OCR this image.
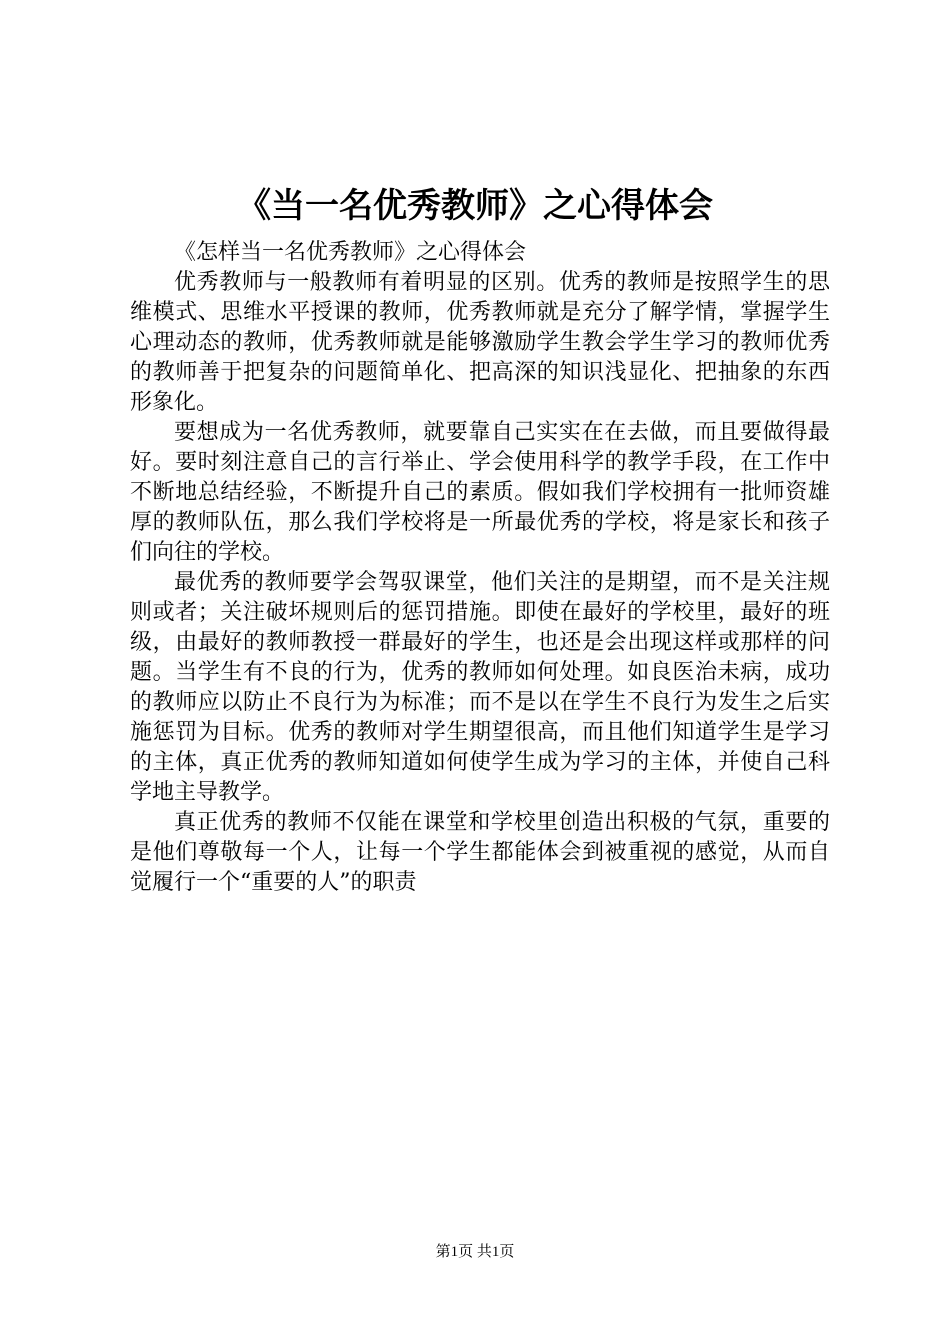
《当一名优秀教师》之心得体会

《怎样当一名优秀教师》之心得体会

优秀教师与一般教师有着明显的区别。优秀的教师是按照学生的思维模式、思维水平授课的教师，优秀教师就是充分了解学情，掌握学生心理动态的教师，优秀教师就是能够激励学生教会学生学习的教师优秀的教师善于把复杂的问题简单化、把高深的知识浅显化、把抽象的东西形象化。

要想成为一名优秀教师，就要靠自己实实在在去做，而且要做得最好。要时刻注意自己的言行举止、学会使用科学的教学手段，在工作中不断地总结经验，不断提升自己的素质。假如我们学校拥有一批师资雄厚的教师队伍，那么我们学校将是一所最优秀的学校，将是家长和孩子们向往的学校。

最优秀的教师要学会驾驭课堂，他们关注的是期望，而不是关注规则或者；关注破坏规则后的惩罚措施。即使在最好的学校里，最好的班级，由最好的教师教授一群最好的学生，也还是会出现这样或那样的问题。当学生有不良的行为，优秀的教师如何处理。如良医治未病，成功的教师应以防止不良行为为标准；而不是以在学生不良行为发生之后实施惩罚为目标。优秀的教师对学生期望很高，而且他们知道学生是学习的主体，真正优秀的教师知道如何使学生成为学习的主体，并使自己科学地主导教学。

真正优秀的教师不仅能在课堂和学校里创造出积极的气氛，重要的是他们尊敬每一个人，让每一个学生都能体会到被重视的感觉，从而自觉履行一个“重要的人”的职责

第1页 共1页
